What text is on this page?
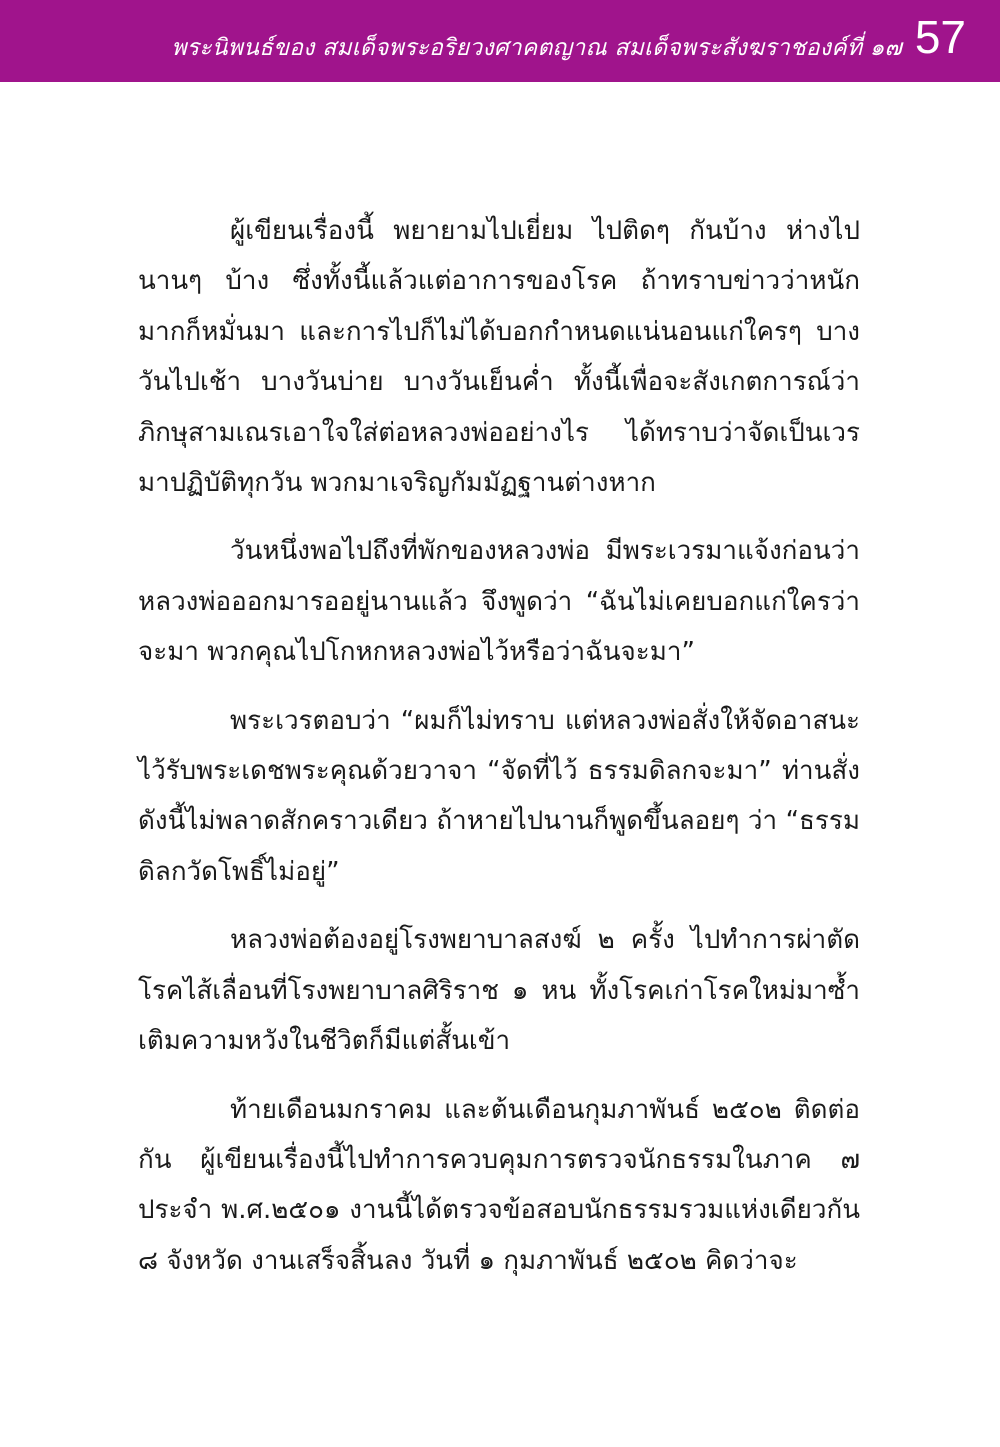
พระนิพนธ์ของ สมเด็จพระอริยวงศาคตญาณ สมเด็จพระสังฆราชองค์ที่ ๑๗ 57

ผู้เขียนเรื่องนี้ พยายามไปเยี่ยม ไปติดๆ กันบ้าง ห่างไปนานๆ บ้าง ซึ่งทั้งนี้แล้วแต่อาการของโรค ถ้าทราบข่าวว่าหนักมากก็หมั่นมา และการไปก็ไม่ได้บอกกำหนดแน่นอนแก่ใครๆ บางวันไปเช้า บางวันบ่าย บางวันเย็นค่ำ ทั้งนี้เพื่อจะสังเกตการณ์ว่าภิกษุสามเณรเอาใจใส่ต่อหลวงพ่ออย่างไร ได้ทราบว่าจัดเป็นเวรมาปฏิบัติทุกวัน พวกมาเจริญกัมมัฏฐานต่างหาก

วันหนึ่งพอไปถึงที่พักของหลวงพ่อ มีพระเวรมาแจ้งก่อนว่าหลวงพ่อออกมารออยู่นานแล้ว จึงพูดว่า “ฉันไม่เคยบอกแก่ใครว่าจะมา พวกคุณไปโกหกหลวงพ่อไว้หรือว่าฉันจะมา”

พระเวรตอบว่า “ผมก็ไม่ทราบ แต่หลวงพ่อสั่งให้จัดอาสนะไว้รับพระเดชพระคุณด้วยวาจา “จัดที่ไว้ ธรรมดิลกจะมา” ท่านสั่งดังนี้ไม่พลาดสักคราวเดียว ถ้าหายไปนานก็พูดขึ้นลอยๆ ว่า “ธรรมดิลกวัดโพธิ์ไม่อยู่”

หลวงพ่อต้องอยู่โรงพยาบาลสงฆ์ ๒ ครั้ง ไปทำการผ่าตัดโรคไส้เลื่อนที่โรงพยาบาลศิริราช ๑ หน ทั้งโรคเก่าโรคใหม่มาซ้ำเติมความหวังในชีวิตก็มีแต่สั้นเข้า

ท้ายเดือนมกราคม และต้นเดือนกุมภาพันธ์ ๒๕๐๒ ติดต่อกัน ผู้เขียนเรื่องนี้ไปทำการควบคุมการตรวจนักธรรมในภาค ๗ ประจำ พ.ศ.๒๕๐๑ งานนี้ได้ตรวจข้อสอบนักธรรมรวมแห่งเดียวกัน ๘ จังหวัด งานเสร็จสิ้นลง วันที่ ๑ กุมภาพันธ์ ๒๕๐๒ คิดว่าจะ
